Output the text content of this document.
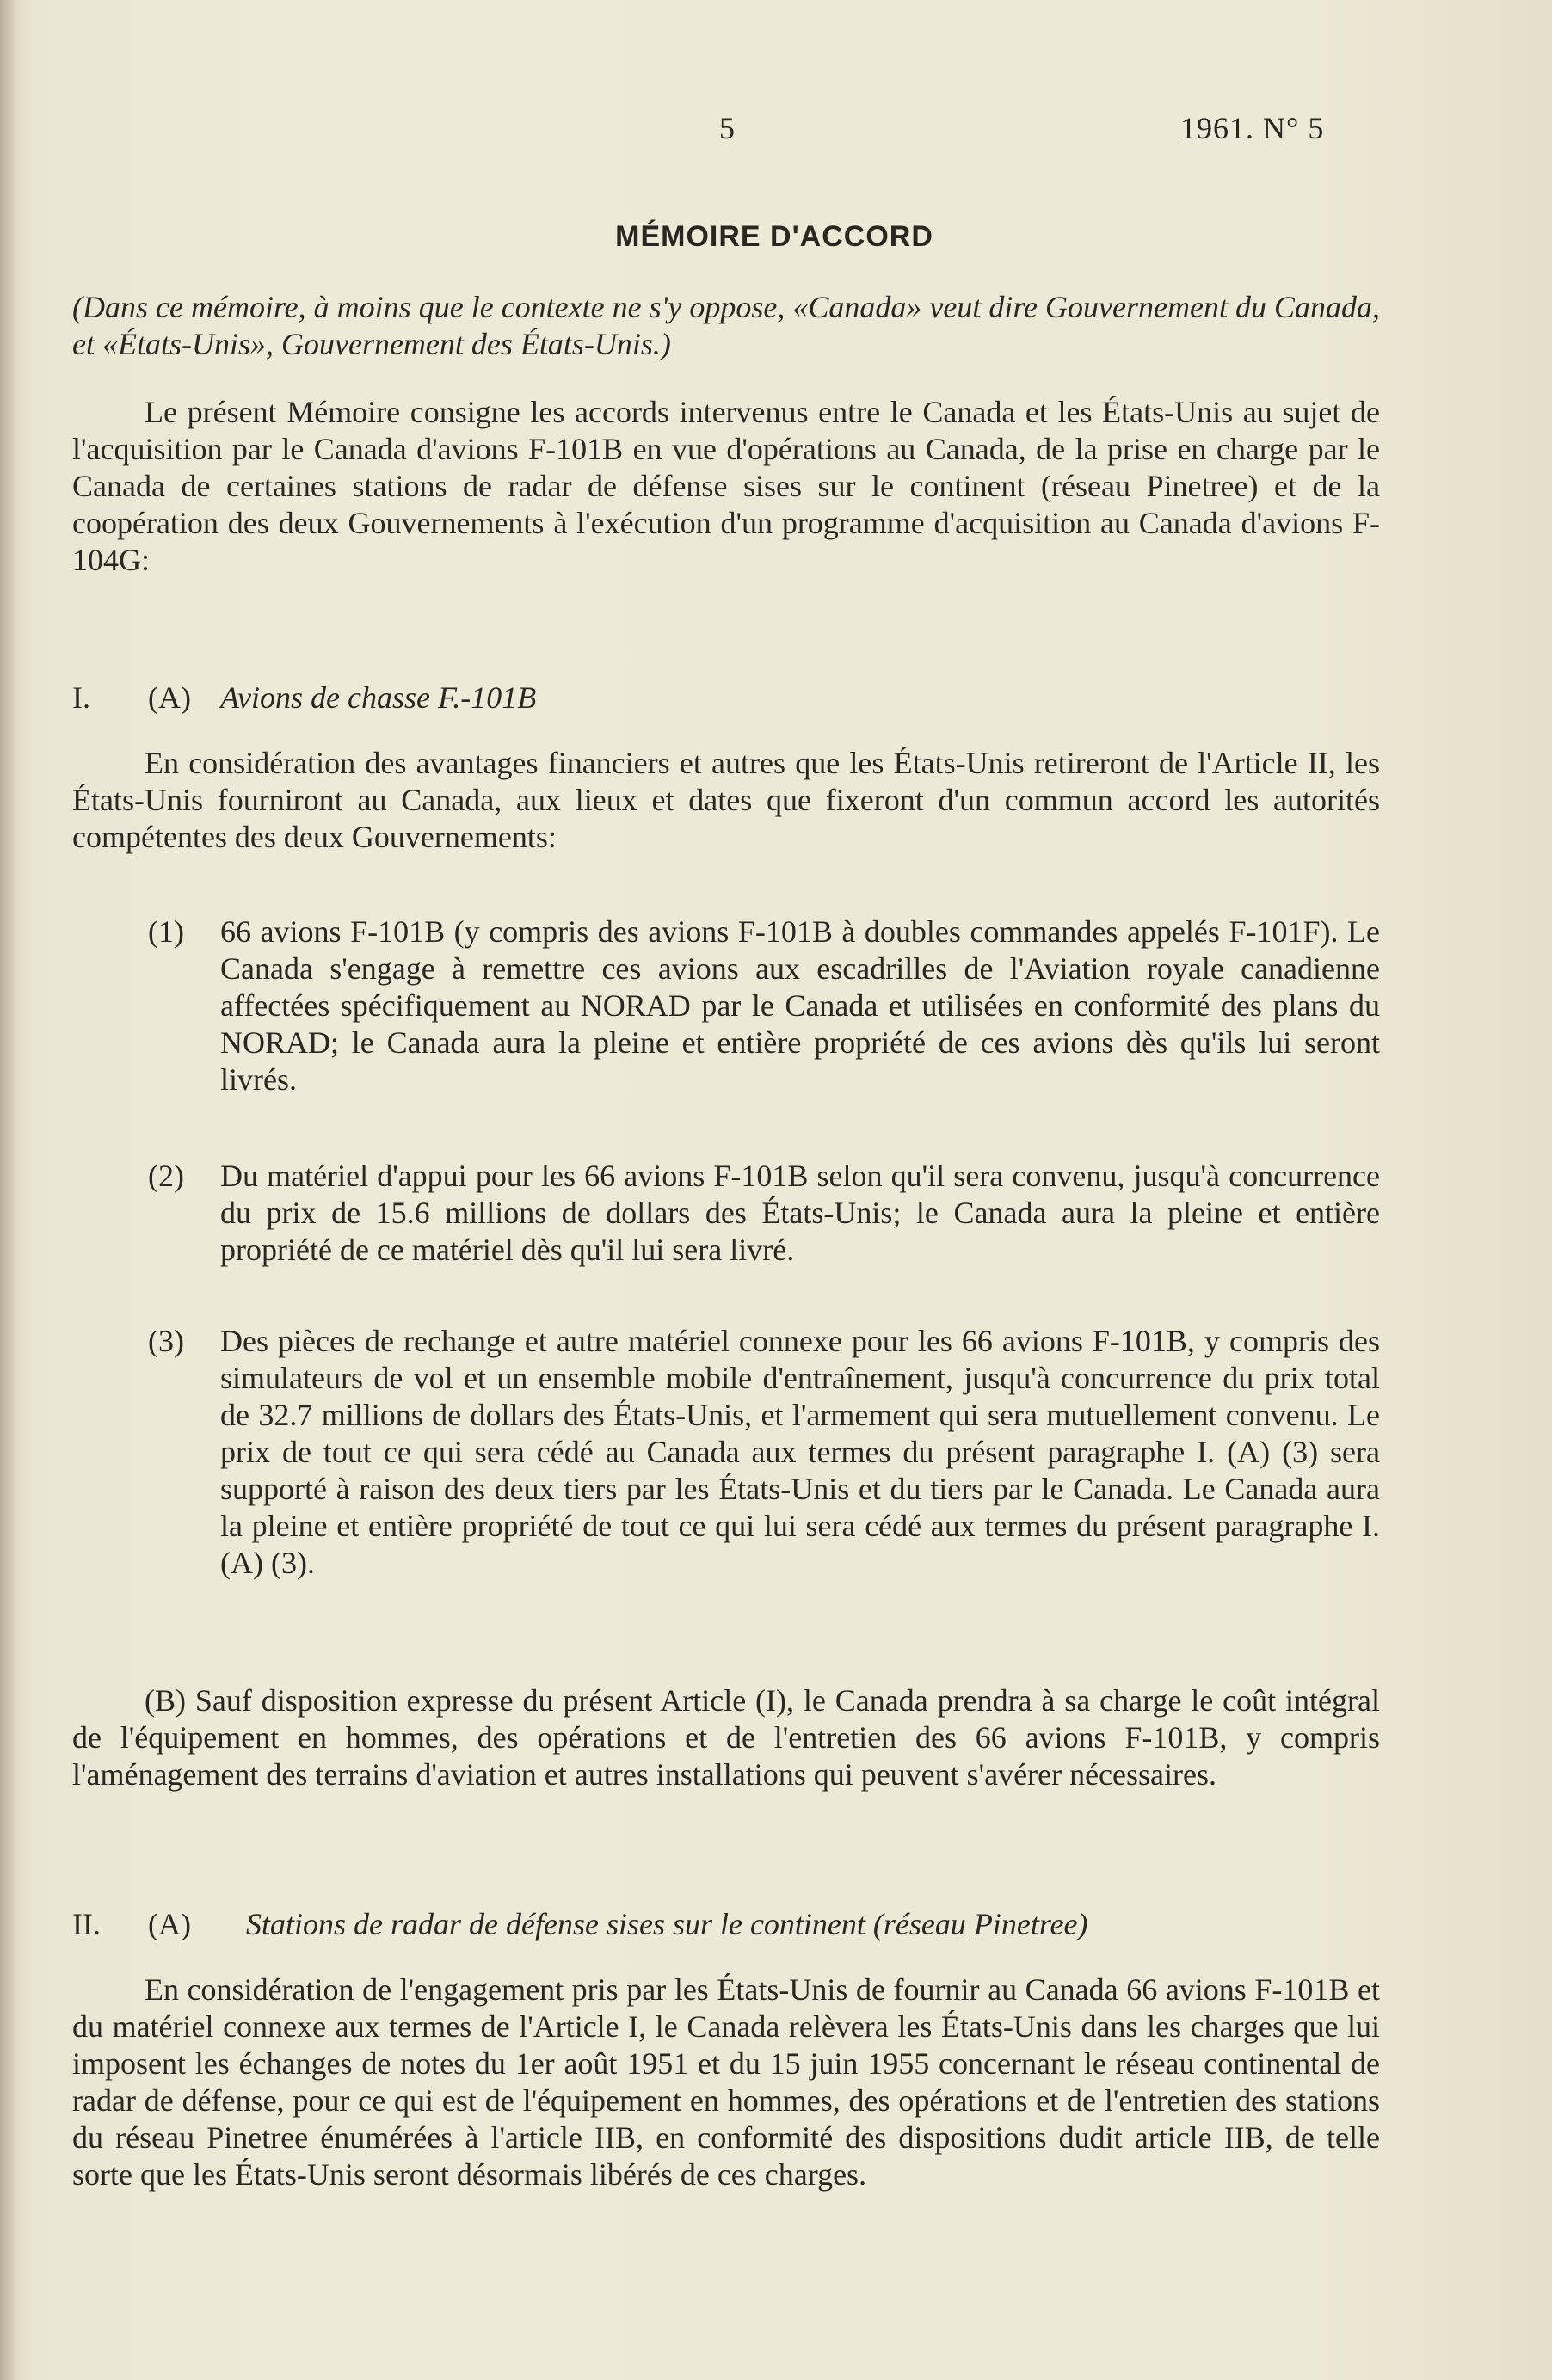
5	1961. N° 5
MÉMOIRE D'ACCORD
(Dans ce mémoire, à moins que le contexte ne s'y oppose, «Canada» veut dire Gouvernement du Canada, et «États-Unis», Gouvernement des États-Unis.)
Le présent Mémoire consigne les accords intervenus entre le Canada et les États-Unis au sujet de l'acquisition par le Canada d'avions F-101B en vue d'opérations au Canada, de la prise en charge par le Canada de certaines stations de radar de défense sises sur le continent (réseau Pinetree) et de la coopération des deux Gouvernements à l'exécution d'un programme d'acquisition au Canada d'avions F-104G:
I. (A) Avions de chasse F.-101B
En considération des avantages financiers et autres que les États-Unis retireront de l'Article II, les États-Unis fourniront au Canada, aux lieux et dates que fixeront d'un commun accord les autorités compétentes des deux Gouvernements:
(1) 66 avions F-101B (y compris des avions F-101B à doubles commandes appelés F-101F). Le Canada s'engage à remettre ces avions aux escadrilles de l'Aviation royale canadienne affectées spécifiquement au NORAD par le Canada et utilisées en conformité des plans du NORAD; le Canada aura la pleine et entière propriété de ces avions dès qu'ils lui seront livrés.
(2) Du matériel d'appui pour les 66 avions F-101B selon qu'il sera convenu, jusqu'à concurrence du prix de 15.6 millions de dollars des États-Unis; le Canada aura la pleine et entière propriété de ce matériel dès qu'il lui sera livré.
(3) Des pièces de rechange et autre matériel connexe pour les 66 avions F-101B, y compris des simulateurs de vol et un ensemble mobile d'entraînement, jusqu'à concurrence du prix total de 32.7 millions de dollars des États-Unis, et l'armement qui sera mutuellement convenu. Le prix de tout ce qui sera cédé au Canada aux termes du présent paragraphe I. (A) (3) sera supporté à raison des deux tiers par les États-Unis et du tiers par le Canada. Le Canada aura la pleine et entière propriété de tout ce qui lui sera cédé aux termes du présent paragraphe I. (A) (3).
(B) Sauf disposition expresse du présent Article (I), le Canada prendra à sa charge le coût intégral de l'équipement en hommes, des opérations et de l'entretien des 66 avions F-101B, y compris l'aménagement des terrains d'aviation et autres installations qui peuvent s'avérer nécessaires.
II. (A) Stations de radar de défense sises sur le continent (réseau Pinetree)
En considération de l'engagement pris par les États-Unis de fournir au Canada 66 avions F-101B et du matériel connexe aux termes de l'Article I, le Canada relèvera les États-Unis dans les charges que lui imposent les échanges de notes du 1er août 1951 et du 15 juin 1955 concernant le réseau continental de radar de défense, pour ce qui est de l'équipement en hommes, des opérations et de l'entretien des stations du réseau Pinetree énumérées à l'article IIB, en conformité des dispositions dudit article IIB, de telle sorte que les États-Unis seront désormais libérés de ces charges.
